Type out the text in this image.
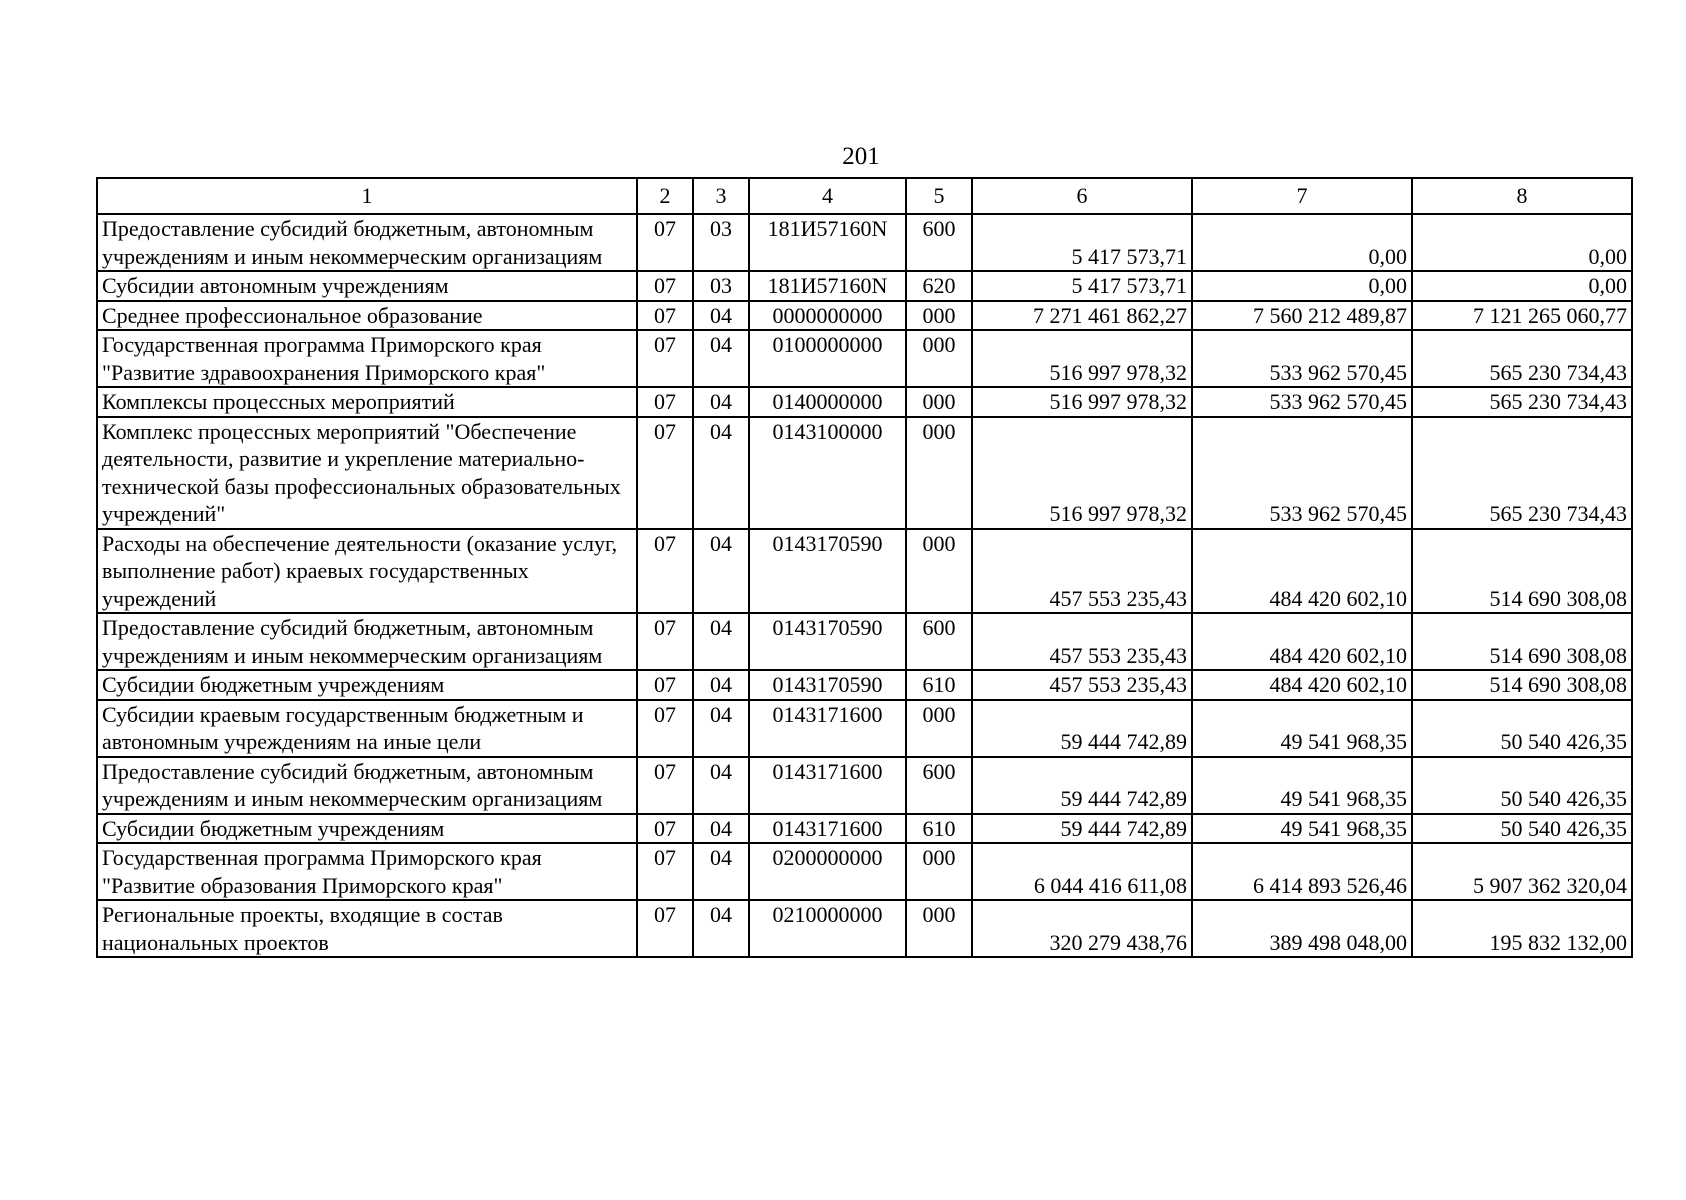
201
1	2	3	4	5	6	7	8
Предоставление субсидий бюджетным, автономным учреждениям и иным некоммерческим организациям	07	03	181И57160N	600	5 417 573,71	0,00	0,00
Субсидии автономным учреждениям	07	03	181И57160N	620	5 417 573,71	0,00	0,00
Среднее профессиональное образование	07	04	0000000000	000	7 271 461 862,27	7 560 212 489,87	7 121 265 060,77
Государственная программа Приморского края "Развитие здравоохранения Приморского края"	07	04	0100000000	000	516 997 978,32	533 962 570,45	565 230 734,43
Комплексы процессных мероприятий	07	04	0140000000	000	516 997 978,32	533 962 570,45	565 230 734,43
Комплекс процессных мероприятий "Обеспечение деятельности, развитие и укрепление материально-технической базы профессиональных образовательных учреждений"	07	04	0143100000	000	516 997 978,32	533 962 570,45	565 230 734,43
Расходы на обеспечение деятельности (оказание услуг, выполнение работ) краевых государственных учреждений	07	04	0143170590	000	457 553 235,43	484 420 602,10	514 690 308,08
Предоставление субсидий бюджетным, автономным учреждениям и иным некоммерческим организациям	07	04	0143170590	600	457 553 235,43	484 420 602,10	514 690 308,08
Субсидии бюджетным учреждениям	07	04	0143170590	610	457 553 235,43	484 420 602,10	514 690 308,08
Субсидии краевым государственным бюджетным и автономным учреждениям на иные цели	07	04	0143171600	000	59 444 742,89	49 541 968,35	50 540 426,35
Предоставление субсидий бюджетным, автономным учреждениям и иным некоммерческим организациям	07	04	0143171600	600	59 444 742,89	49 541 968,35	50 540 426,35
Субсидии бюджетным учреждениям	07	04	0143171600	610	59 444 742,89	49 541 968,35	50 540 426,35
Государственная программа Приморского края "Развитие образования Приморского края"	07	04	0200000000	000	6 044 416 611,08	6 414 893 526,46	5 907 362 320,04
Региональные проекты, входящие в состав национальных проектов	07	04	0210000000	000	320 279 438,76	389 498 048,00	195 832 132,00
